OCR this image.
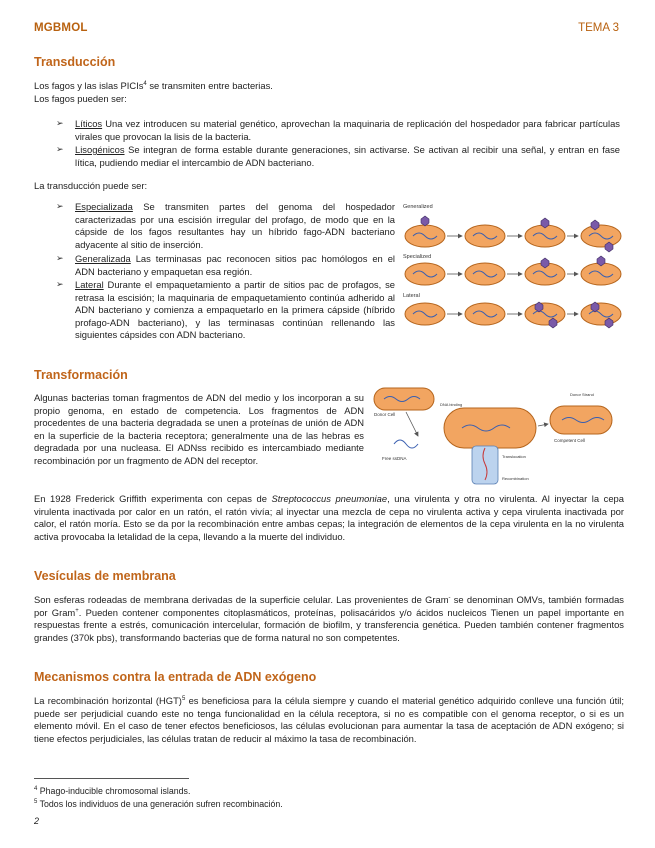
MGBMOL	TEMA 3
Transducción

Los fagos y las islas PICIs$^4$ se transmiten entre bacterias.
Los fagos pueden ser:

➢ Líticos Una vez introducen su material genético, aprovechan la maquinaria de replicación del hospedador para fabricar partículas virales que provocan la lisis de la bacteria.

➢ Lisogénicos Se integran de forma estable durante generaciones, sin activarse. Se activan al recibir una señal, y entran en fase lítica, pudiendo mediar el intercambio de ADN bacteriano.

La transducción puede ser:

➢ Especializada Se transmiten partes del genoma del hospedador caracterizadas por una escisión irregular del profago, de modo que en la cápside de los fagos resultantes hay un híbrido fago-ADN bacteriano adyacente al sitio de inserción.

➢ Generalizada Las terminasas pac reconocen sitios pac homólogos en el ADN bacteriano y empaquetan esa región.

➢ Lateral Durante el empaquetamiento a partir de sitios pac de profagos, se retrasa la escisión; la maquinaria de empaquetamiento continúa adherido al ADN bacteriano y comienza a empaquetarlo en la primera cápside (híbrido profago-ADN bacteriano), y las terminasas continúan rellenando las siguientes cápsides con ADN bacteriano.

Generalized
Specialized
Lateral
Transformación

Algunas bacterias toman fragmentos de ADN del medio y los incorporan a su propio genoma, en estado de competencia. Los fragmentos de ADN procedentes de una bacteria degradada se unen a proteínas de unión de ADN en la superficie de la bacteria receptora; generalmente una de las hebras es degradada por una nucleasa. El ADNss recibido es intercambiado mediante recombinación por un fragmento de ADN del receptor.

Donor Cell
Competent Cell
Free ssDNA
DNA binding
Donor Strand
Translocation
Recombination

En 1928 Frederick Griffith experimenta con cepas de Streptococcus pneumoniae, una virulenta y otra no virulenta. Al inyectar la cepa virulenta inactivada por calor en un ratón, el ratón vivía; al inyectar una mezcla de cepa no virulenta activa y cepa virulenta inactivada por calor, el ratón moría. Esto se da por la recombinación entre ambas cepas; la integración de elementos de la cepa virulenta en la no virulenta activa provocaba la letalidad de la cepa, llevando a la muerte del individuo.

Vesículas de membrana

Son esferas rodeadas de membrana derivadas de la superficie celular. Las provenientes de Gram- se denominan OMVs, también formadas por Gram+. Pueden contener componentes citoplasmáticos, proteínas, polisacáridos y/o ácidos nucleicos Tienen un papel importante en respuestas frente a estrés, comunicación intercelular, formación de biofilm, y transferencia genética. Pueden también contener fragmentos grandes (370k pbs), transformando bacterias que de forma natural no son competentes.

Mecanismos contra la entrada de ADN exógeno

La recombinación horizontal (HGT)$^5$ es beneficiosa para la célula siempre y cuando el material genético adquirido conlleve una función útil; puede ser perjudicial cuando este no tenga funcionalidad en la célula receptora, si no es compatible con el genoma receptor, o si es un elemento móvil. En el caso de tener efectos beneficiosos, las células evolucionan para aumentar la tasa de aceptación de ADN exógeno; si tiene efectos perjudiciales, las células tratan de reducir al máximo la tasa de recombinación.

$^4$ Phago-inducible chromosomal islands.
$^5$ Todos los individuos de una generación sufren recombinación.
2
